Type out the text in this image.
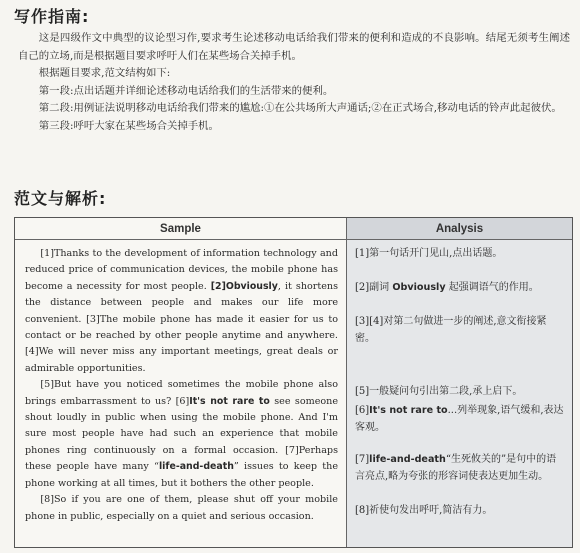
写作指南:

这是四级作文中典型的议论型习作,要求考生论述移动电话给我们带来的便利和造成的不良影响。结尾无须考生阐述自己的立场,而是根据题目要求呼吁人们在某些场合关掉手机。

根据题目要求,范文结构如下:

第一段:点出话题并详细论述移动电话给我们的生活带来的便利。

第二段:用例证法说明移动电话给我们带来的尴尬:①在公共场所大声通话;②在正式场合,移动电话的铃声此起彼伏。

第三段:呼吁大家在某些场合关掉手机。

范文与解析:
Sample

[1]Thanks to the development of information technology and reduced price of communication devices, the mobile phone has become a necessity for most people. [2]Obviously, it shortens the distance between people and makes our life more convenient. [3]The mobile phone has made it easier for us to contact or be reached by other people anytime and anywhere. [4]We will never miss any important meetings, great deals or admirable opportunities.

[5]But have you noticed sometimes the mobile phone also brings embarrassment to us? [6]It's not rare to see someone shout loudly in public when using the mobile phone. And I'm sure most people have had such an experience that mobile phones ring continuously on a formal occasion. [7]Perhaps these people have many “life-and-death” issues to keep the phone working at all times, but it bothers the other people.

[8]So if you are one of them, please shut off your mobile phone in public, especially on a quiet and serious occasion.

Analysis
[1]第一句话开门见山,点出话题。
[2]副词 Obviously 起强调语气的作用。
[3][4]对第二句做进一步的阐述,意文衔接紧密。
[5]一般疑问句引出第二段,承上启下。
[6]It's not rare to...列举现象,语气缓和,表达客观。
[7]life-and-death“生死攸关的”是句中的语言亮点,略为夸张的形容词使表达更加生动。
[8]祈使句发出呼吁,简洁有力。
